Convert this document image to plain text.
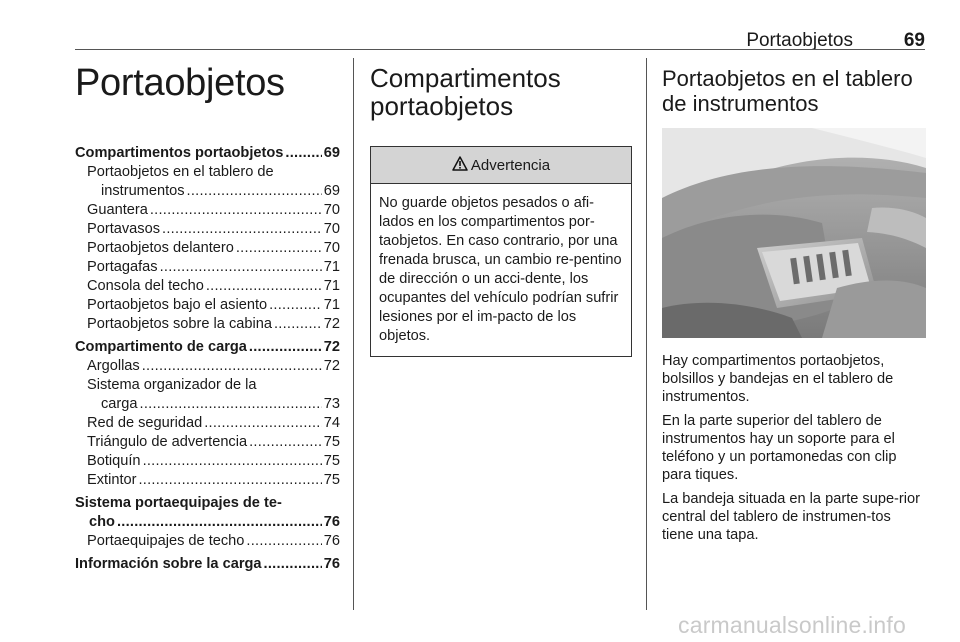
Portaobjetos	69
Portaobjetos
Compartimentos portaobjetos . . .	69
Portaobjetos en el tablero de
instrumentos . . .	69
Guantera . . .	70
Portavasos . . .	70
Portaobjetos delantero . . .	70
Portagafas . . .	71
Consola del techo . . .	71
Portaobjetos bajo el asiento . . .	71
Portaobjetos sobre la cabina . . .	72
Compartimento de carga . . .	72
Argollas . . .	72
Sistema organizador de la
carga . . .	73
Red de seguridad . . .	74
Triángulo de advertencia . . .	75
Botiquín . . .	75
Extintor . . .	75
Sistema portaequipajes de te-
cho . . .	76
Portaequipajes de techo . . .	76
Información sobre la carga . . .	76
Compartimentos
portaobjetos
Advertencia
No guarde objetos pesados o afi-lados en los compartimentos por-taobjetos. En caso contrario, por una frenada brusca, un cambio re-pentino de dirección o un acci-dente, los ocupantes del vehículo podrían sufrir lesiones por el im-pacto de los objetos.
Portaobjetos en el tablero
de instrumentos

Hay compartimentos portaobjetos, bolsillos y bandejas en el tablero de instrumentos.

En la parte superior del tablero de instrumentos hay un soporte para el teléfono y un portamonedas con clip para tiques.

La bandeja situada en la parte supe-rior central del tablero de instrumen-tos tiene una tapa.

carmanualsonline.info
